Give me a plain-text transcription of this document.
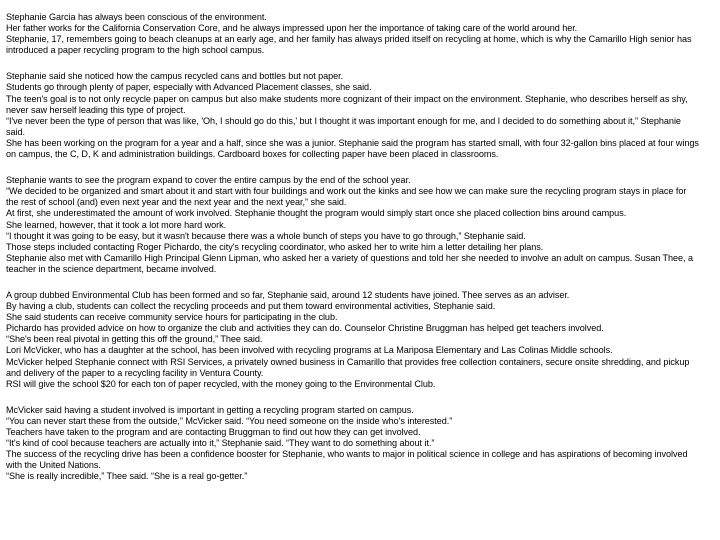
Stephanie Garcia has always been conscious of the environment.
Her father works for the California Conservation Core, and he always impressed upon her the importance of taking care of the world around her.
Stephanie, 17, remembers going to beach cleanups at an early age, and her family has always prided itself on recycling at home, which is why the Camarillo High senior has
introduced a paper recycling program to the high school campus.
Stephanie said she noticed how the campus recycled cans and bottles but not paper.
Students go through plenty of paper, especially with Advanced Placement classes, she said.
The teen's goal is to not only recycle paper on campus but also make students more cognizant of their impact on the environment. Stephanie, who describes herself as shy,
never saw herself leading this type of project.
“I've never been the type of person that was like, 'Oh, I should go do this,' but I thought it was important enough for me, and I decided to do something about it,” Stephanie
said.
She has been working on the program for a year and a half, since she was a junior. Stephanie said the program has started small, with four 32-gallon bins placed at four wings
on campus, the C, D, K and administration buildings. Cardboard boxes for collecting paper have been placed in classrooms.
Stephanie wants to see the program expand to cover the entire campus by the end of the school year.
“We decided to be organized and smart about it and start with four buildings and work out the kinks and see how we can make sure the recycling program stays in place for
the rest of school (and) even next year and the next year and the next year,” she said.
At first, she underestimated the amount of work involved. Stephanie thought the program would simply start once she placed collection bins around campus.
She learned, however, that it took a lot more hard work.
“I thought it was going to be easy, but it wasn't because there was a whole bunch of steps you have to go through,” Stephanie said.
Those steps included contacting Roger Pichardo, the city's recycling coordinator, who asked her to write him a letter detailing her plans.
Stephanie also met with Camarillo High Principal Glenn Lipman, who asked her a variety of questions and told her she needed to involve an adult on campus. Susan Thee, a
teacher in the science department, became involved.
A group dubbed Environmental Club has been formed and so far, Stephanie said, around 12 students have joined. Thee serves as an adviser.
By having a club, students can collect the recycling proceeds and put them toward environmental activities, Stephanie said.
She said students can receive community service hours for participating in the club.
Pichardo has provided advice on how to organize the club and activities they can do. Counselor Christine Bruggman has helped get teachers involved.
“She's been real pivotal in getting this off the ground,” Thee said.
Lori McVicker, who has a daughter at the school, has been involved with recycling programs at La Mariposa Elementary and Las Colinas Middle schools.
McVicker helped Stephanie connect with RSI Services, a privately owned business in Camarillo that provides free collection containers, secure onsite shredding, and pickup
and delivery of the paper to a recycling facility in Ventura County.
RSI will give the school $20 for each ton of paper recycled, with the money going to the Environmental Club.
McVicker said having a student involved is important in getting a recycling program started on campus.
“You can never start these from the outside,” McVicker said. “You need someone on the inside who's interested.”
Teachers have taken to the program and are contacting Bruggman to find out how they can get involved.
“It's kind of cool because teachers are actually into it,” Stephanie said. “They want to do something about it.”
The success of the recycling drive has been a confidence booster for Stephanie, who wants to major in political science in college and has aspirations of becoming involved
with the United Nations.
“She is really incredible,” Thee said. “She is a real go-getter.”
